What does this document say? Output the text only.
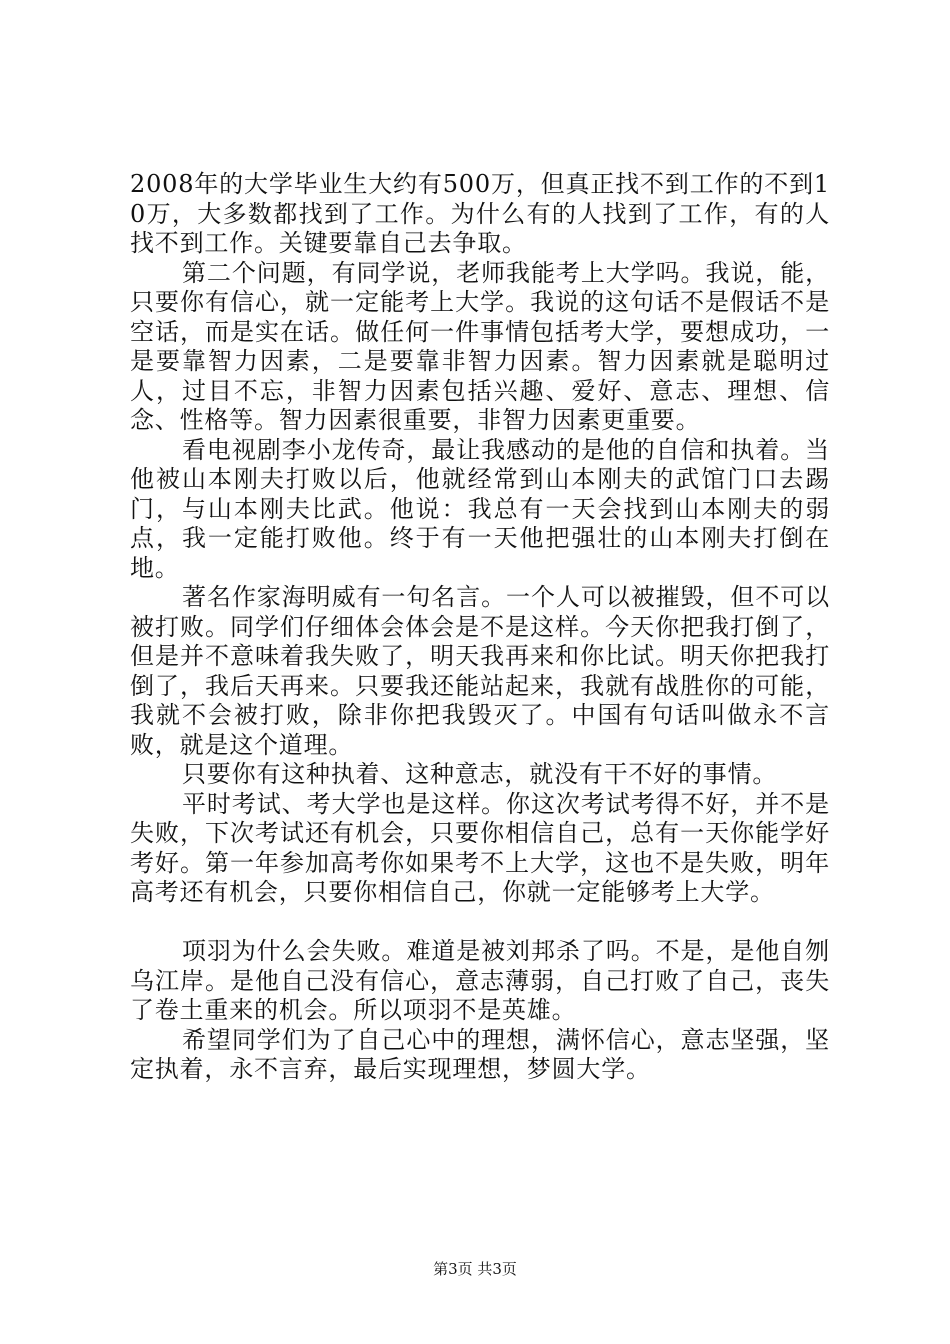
2008年的大学毕业生大约有500万，但真正找不到工作的不到10万，大多数都找到了工作。为什么有的人找到了工作，有的人找不到工作。关键要靠自己去争取。

第二个问题，有同学说，老师我能考上大学吗。我说，能，只要你有信心，就一定能考上大学。我说的这句话不是假话不是空话，而是实在话。做任何一件事情包括考大学，要想成功，一是要靠智力因素，二是要靠非智力因素。智力因素就是聪明过人，过目不忘，非智力因素包括兴趣、爱好、意志、理想、信念、性格等。智力因素很重要，非智力因素更重要。

看电视剧李小龙传奇，最让我感动的是他的自信和执着。当他被山本刚夫打败以后，他就经常到山本刚夫的武馆门口去踢门，与山本刚夫比武。他说：我总有一天会找到山本刚夫的弱点，我一定能打败他。终于有一天他把强壮的山本刚夫打倒在地。

著名作家海明威有一句名言。一个人可以被摧毁，但不可以被打败。同学们仔细体会体会是不是这样。今天你把我打倒了，但是并不意味着我失败了，明天我再来和你比试。明天你把我打倒了，我后天再来。只要我还能站起来，我就有战胜你的可能，我就不会被打败，除非你把我毁灭了。中国有句话叫做永不言败，就是这个道理。

只要你有这种执着、这种意志，就没有干不好的事情。

平时考试、考大学也是这样。你这次考试考得不好，并不是失败，下次考试还有机会，只要你相信自己，总有一天你能学好考好。第一年参加高考你如果考不上大学，这也不是失败，明年高考还有机会，只要你相信自己，你就一定能够考上大学。

项羽为什么会失败。难道是被刘邦杀了吗。不是，是他自刎乌江岸。是他自己没有信心，意志薄弱，自己打败了自己，丧失了卷土重来的机会。所以项羽不是英雄。

希望同学们为了自己心中的理想，满怀信心，意志坚强，坚定执着，永不言弃，最后实现理想，梦圆大学。

第3页 共3页
